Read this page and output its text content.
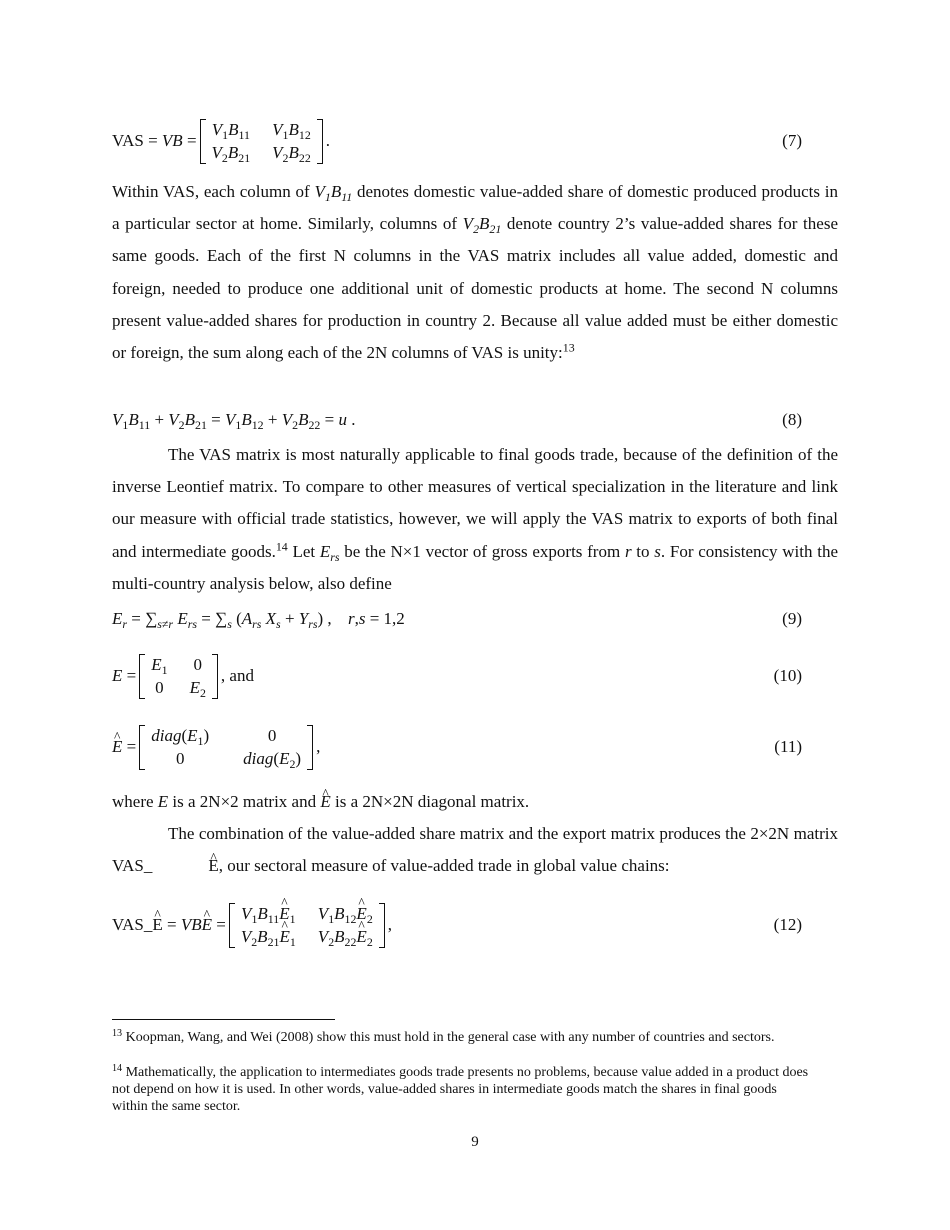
VAS = VB =
$V_1B_{11}$ $V_1B_{12}$
$V_2B_{21}$ $V_2B_{22}$
.	(7)
Within VAS, each column of $V_1B_{11}$ denotes domestic value-added share of domestic produced products in a particular sector at home. Similarly, columns of $V_2B_{21}$ denote country 2’s value-added shares for these same goods. Each of the first N columns in the VAS matrix includes all value added, domestic and foreign, needed to produce one additional unit of domestic products at home. The second N columns present value-added shares for production in country 2. Because all value added must be either domestic or foreign, the sum along each of the 2N columns of VAS is unity:$^{13}$
$V_1B_{11} + V_2B_{21} = V_1B_{12} + V_2B_{22} = u$ .	(8)
The VAS matrix is most naturally applicable to final goods trade, because of the definition of the inverse Leontief matrix. To compare to other measures of vertical specialization in the literature and link our measure with official trade statistics, however, we will apply the VAS matrix to exports of both final and intermediate goods.$^{14}$ Let $E_{rs}$ be the N×1 vector of gross exports from r to s. For consistency with the multi-country analysis below, also define
$E_r = \sum_{s\ne r}$ $E_{rs} = \sum_s$ ($A_{rs}$ $X_s + Y_{rs}$) , r,s = 1,2	(9)
E =
$E_1$ 0
0 $E_2$
, and	(10)
^ E =
$diag(E_1)$	0
0	$diag(E_2)$
,	(11)
where E is a 2N×2 matrix and ^ E is a 2N×2N diagonal matrix.
The combination of the value-added share matrix and the export matrix produces the 2×2N matrix VAS_^	E, our sectoral measure of value-added trade in global value chains:
VAS_^ E = VB^ E =
$V_1B_{11}\^{}$ $E_1$ $V_1B_{12}\^{}$ $E_2$
$V_2B_{21}\^{}$ $E_1$ $V_2B_{22}\^{}$ $E_2$
,	(12)
$^{13}$ Koopman, Wang, and Wei (2008) show this must hold in the general case with any number of countries and sectors.
$^{14}$ Mathematically, the application to intermediates goods trade presents no problems, because value added in a product does not depend on how it is used. In other words, value-added shares in intermediate goods match the shares in final goods within the same sector.
9
